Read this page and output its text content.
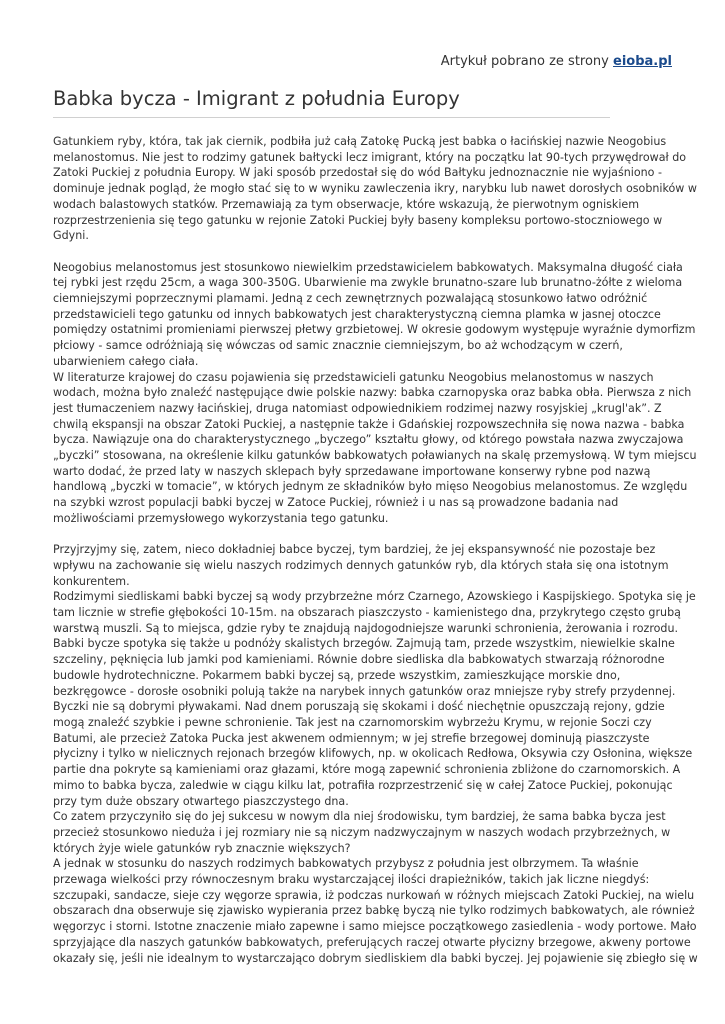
Artykuł pobrano ze strony eioba.pl
Babka bycza - Imigrant z południa Europy
Gatunkiem ryby, która, tak jak ciernik, podbiła już całą Zatokę Pucką jest babka o łacińskiej nazwie Neogobius
melanostomus. Nie jest to rodzimy gatunek bałtycki lecz imigrant, który na początku lat 90-tych przywędrował do
Zatoki Puckiej z południa Europy. W jaki sposób przedostał się do wód Bałtyku jednoznacznie nie wyjaśniono -
dominuje jednak pogląd, że mogło stać się to w wyniku zawleczenia ikry, narybku lub nawet dorosłych osobników w
wodach balastowych statków. Przemawiają za tym obserwacje, które wskazują, że pierwotnym ogniskiem
rozprzestrzenienia się tego gatunku w rejonie Zatoki Puckiej były baseny kompleksu portowo-stoczniowego w
Gdyni.
Neogobius melanostomus jest stosunkowo niewielkim przedstawicielem babkowatych. Maksymalna długość ciała
tej rybki jest rzędu 25cm, a waga 300-350G. Ubarwienie ma zwykle brunatno-szare lub brunatno-żółte z wieloma
ciemniejszymi poprzecznymi plamami. Jedną z cech zewnętrznych pozwalającą stosunkowo łatwo odróżnić
przedstawicieli tego gatunku od innych babkowatych jest charakterystyczną ciemna plamka w jasnej otoczce
pomiędzy ostatnimi promieniami pierwszej płetwy grzbietowej. W okresie godowym występuje wyraźnie dymorfizm
płciowy - samce odróżniają się wówczas od samic znacznie ciemniejszym, bo aż wchodzącym w czerń,
ubarwieniem całego ciała.
W literaturze krajowej do czasu pojawienia się przedstawicieli gatunku Neogobius melanostomus w naszych
wodach, można było znaleźć następujące dwie polskie nazwy: babka czarnopyska oraz babka obła. Pierwsza z nich
jest tłumaczeniem nazwy łacińskiej, druga natomiast odpowiednikiem rodzimej nazwy rosyjskiej „krugl'ak”. Z
chwilą ekspansji na obszar Zatoki Puckiej, a następnie także i Gdańskiej rozpowszechniła się nowa nazwa - babka
bycza. Nawiązuje ona do charakterystycznego „byczego” kształtu głowy, od którego powstała nazwa zwyczajowa
„byczki” stosowana, na określenie kilku gatunków babkowatych poławianych na skalę przemysłową. W tym miejscu
warto dodać, że przed laty w naszych sklepach były sprzedawane importowane konserwy rybne pod nazwą
handlową „byczki w tomacie”, w których jednym ze składników było mięso Neogobius melanostomus. Ze względu
na szybki wzrost populacji babki byczej w Zatoce Puckiej, również i u nas są prowadzone badania nad
możliwościami przemysłowego wykorzystania tego gatunku.
Przyjrzyjmy się, zatem, nieco dokładniej babce byczej, tym bardziej, że jej ekspansywność nie pozostaje bez
wpływu na zachowanie się wielu naszych rodzimych dennych gatunków ryb, dla których stała się ona istotnym
konkurentem.
Rodzimymi siedliskami babki byczej są wody przybrzeżne mórz Czarnego, Azowskiego i Kaspijskiego. Spotyka się je
tam licznie w strefie głębokości 10-15m. na obszarach piaszczysto - kamienistego dna, przykrytego często grubą
warstwą muszli. Są to miejsca, gdzie ryby te znajdują najdogodniejsze warunki schronienia, żerowania i rozrodu.
Babki bycze spotyka się także u podnóży skalistych brzegów. Zajmują tam, przede wszystkim, niewielkie skalne
szczeliny, pęknięcia lub jamki pod kamieniami. Równie dobre siedliska dla babkowatych stwarzają różnorodne
budowle hydrotechniczne. Pokarmem babki byczej są, przede wszystkim, zamieszkujące morskie dno,
bezkręgowce - dorosłe osobniki polują także na narybek innych gatunków oraz mniejsze ryby strefy przydennej.
Byczki nie są dobrymi pływakami. Nad dnem poruszają się skokami i dość niechętnie opuszczają rejony, gdzie
mogą znaleźć szybkie i pewne schronienie. Tak jest na czarnomorskim wybrzeżu Krymu, w rejonie Soczi czy
Batumi, ale przecież Zatoka Pucka jest akwenem odmiennym; w jej strefie brzegowej dominują piaszczyste
płycizny i tylko w nielicznych rejonach brzegów klifowych, np. w okolicach Redłowa, Oksywia czy Osłonina, większe
partie dna pokryte są kamieniami oraz głazami, które mogą zapewnić schronienia zbliżone do czarnomorskich. A
mimo to babka bycza, zaledwie w ciągu kilku lat, potrafiła rozprzestrzenić się w całej Zatoce Puckiej, pokonując
przy tym duże obszary otwartego piaszczystego dna.
Co zatem przyczyniło się do jej sukcesu w nowym dla niej środowisku, tym bardziej, że sama babka bycza jest
przecież stosunkowo nieduża i jej rozmiary nie są niczym nadzwyczajnym w naszych wodach przybrzeżnych, w
których żyje wiele gatunków ryb znacznie większych?
A jednak w stosunku do naszych rodzimych babkowatych przybysz z południa jest olbrzymem. Ta właśnie
przewaga wielkości przy równoczesnym braku wystarczającej ilości drapieżników, takich jak liczne niegdyś:
szczupaki, sandacze, sieje czy węgorze sprawia, iż podczas nurkowań w różnych miejscach Zatoki Puckiej, na wielu
obszarach dna obserwuje się zjawisko wypierania przez babkę byczą nie tylko rodzimych babkowatych, ale również
węgorzyc i storni. Istotne znaczenie miało zapewne i samo miejsce początkowego zasiedlenia - wody portowe. Mało
sprzyjające dla naszych gatunków babkowatych, preferujących raczej otwarte płycizny brzegowe, akweny portowe
okazały się, jeśli nie idealnym to wystarczająco dobrym siedliskiem dla babki byczej. Jej pojawienie się zbiegło się w
